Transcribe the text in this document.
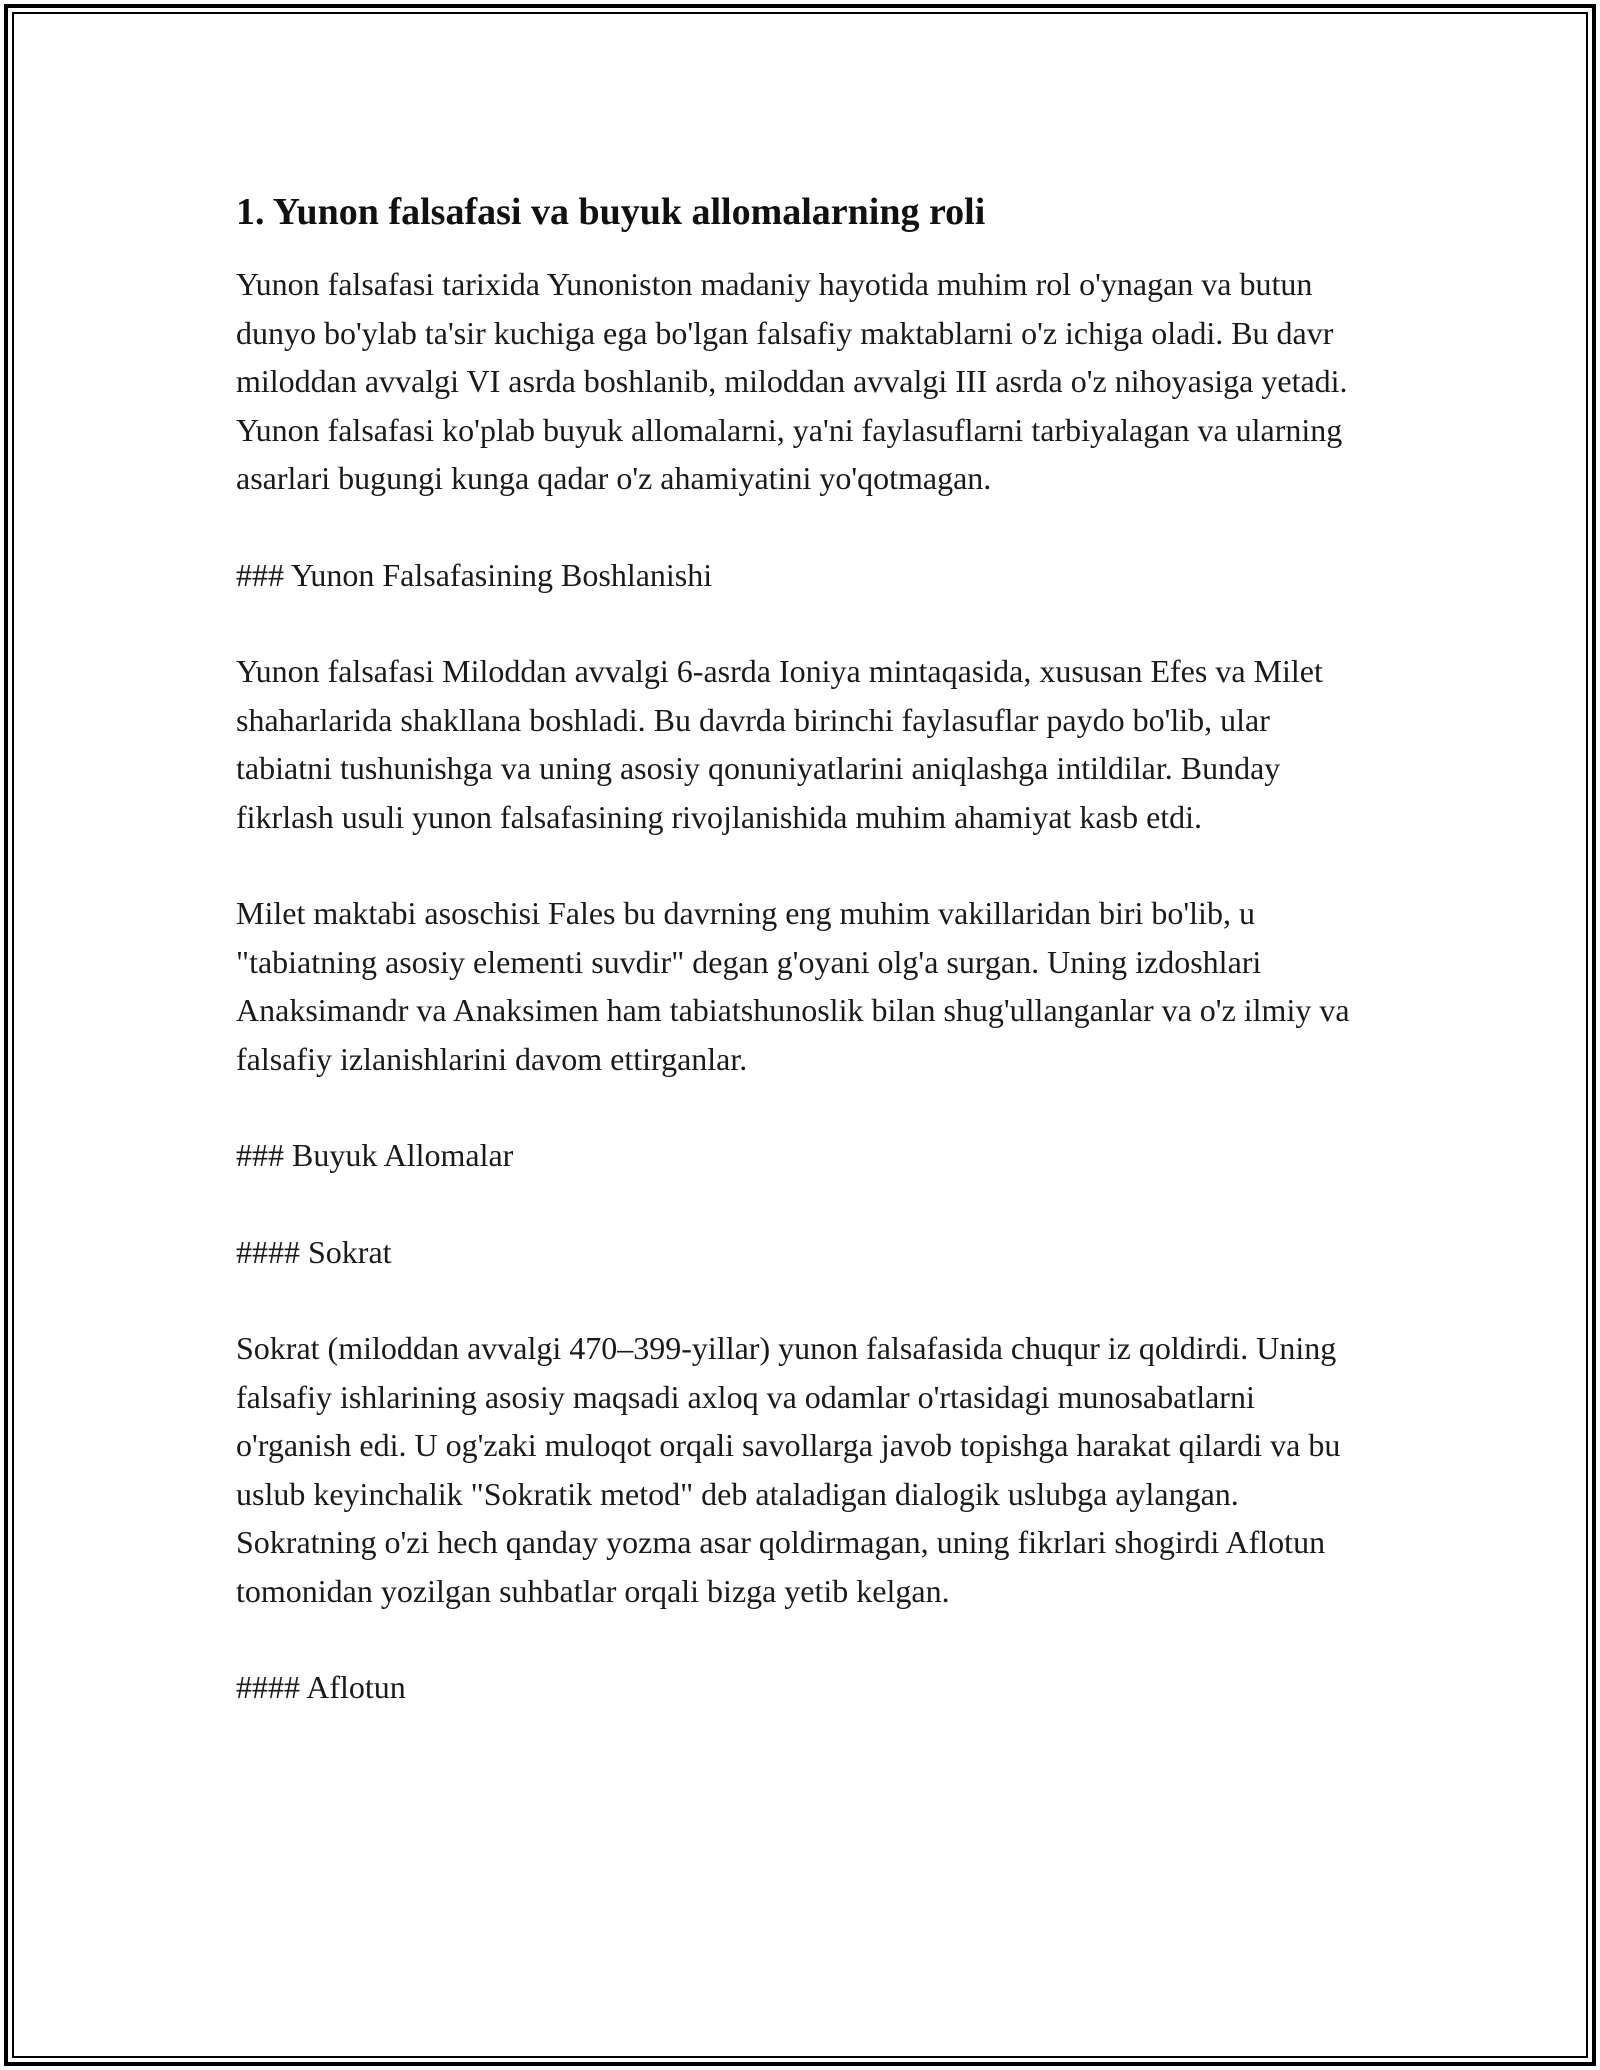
1. Yunon falsafasi va buyuk allomalarning roli

Yunon falsafasi tarixida Yunoniston madaniy hayotida muhim rol o'ynagan va butun dunyo bo'ylab ta'sir kuchiga ega bo'lgan falsafiy maktablarni o'z ichiga oladi. Bu davr miloddan avvalgi VI asrda boshlanib, miloddan avvalgi III asrda o'z nihoyasiga yetadi. Yunon falsafasi ko'plab buyuk allomalarni, ya'ni faylasuflarni tarbiyalagan va ularning asarlari bugungi kunga qadar o'z ahamiyatini yo'qotmagan.

### Yunon Falsafasining Boshlanishi

Yunon falsafasi Miloddan avvalgi 6-asrda Ioniya mintaqasida, xususan Efes va Milet shaharlarida shakllana boshladi. Bu davrda birinchi faylasuflar paydo bo'lib, ular tabiatni tushunishga va uning asosiy qonuniyatlarini aniqlashga intildilar. Bunday fikrlash usuli yunon falsafasining rivojlanishida muhim ahamiyat kasb etdi.

Milet maktabi asoschisi Fales bu davrning eng muhim vakillaridan biri bo'lib, u "tabiatning asosiy elementi suvdir" degan g'oyani olg'a surgan. Uning izdoshlari Anaksimandr va Anaksimen ham tabiatshunoslik bilan shug'ullanganlar va o'z ilmiy va falsafiy izlanishlarini davom ettirganlar.

### Buyuk Allomalar

#### Sokrat

Sokrat (miloddan avvalgi 470–399-yillar) yunon falsafasida chuqur iz qoldirdi. Uning falsafiy ishlarining asosiy maqsadi axloq va odamlar o'rtasidagi munosabatlarni o'rganish edi. U og'zaki muloqot orqali savollarga javob topishga harakat qilardi va bu uslub keyinchalik "Sokratik metod" deb ataladigan dialogik uslubga aylangan. Sokratning o'zi hech qanday yozma asar qoldirmagan, uning fikrlari shogirdi Aflotun tomonidan yozilgan suhbatlar orqali bizga yetib kelgan.

#### Aflotun
